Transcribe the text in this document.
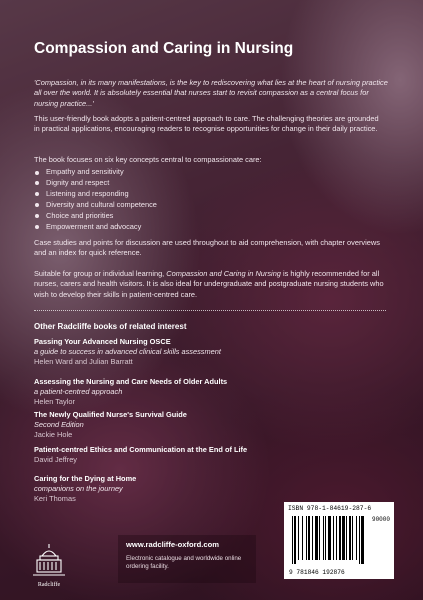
Compassion and Caring in Nursing

'Compassion, in its many manifestations, is the key to rediscovering what lies at the heart of nursing practice all over the world. It is absolutely essential that nurses start to revisit compassion as a central focus for nursing practice...'

This user-friendly book adopts a patient-centred approach to care. The challenging theories are grounded in practical applications, encouraging readers to recognise opportunities for change in their daily practice.

The book focuses on six key concepts central to compassionate care:

Empathy and sensitivity
Dignity and respect
Listening and responding
Diversity and cultural competence
Choice and priorities
Empowerment and advocacy

Case studies and points for discussion are used throughout to aid comprehension, with chapter overviews and an index for quick reference.

Suitable for group or individual learning, Compassion and Caring in Nursing is highly recommended for all nurses, carers and health visitors. It is also ideal for undergraduate and postgraduate nursing students who wish to develop their skills in patient-centred care.

Other Radcliffe books of related interest
Passing Your Advanced Nursing OSCE
a guide to success in advanced clinical skills assessment
Helen Ward and Julian Barratt
Assessing the Nursing and Care Needs of Older Adults
a patient-centred approach
Helen Taylor
The Newly Qualified Nurse's Survival Guide
Second Edition
Jackie Hole
Patient-centred Ethics and Communication at the End of Life
David Jeffrey
Caring for the Dying at Home
companions on the journey
Keri Thomas
Radcliffe
www.radcliffe-oxford.com
Electronic catalogue and worldwide online ordering facility.
ISBN 978-1-84619-287-6
90000
9 781846 192876
